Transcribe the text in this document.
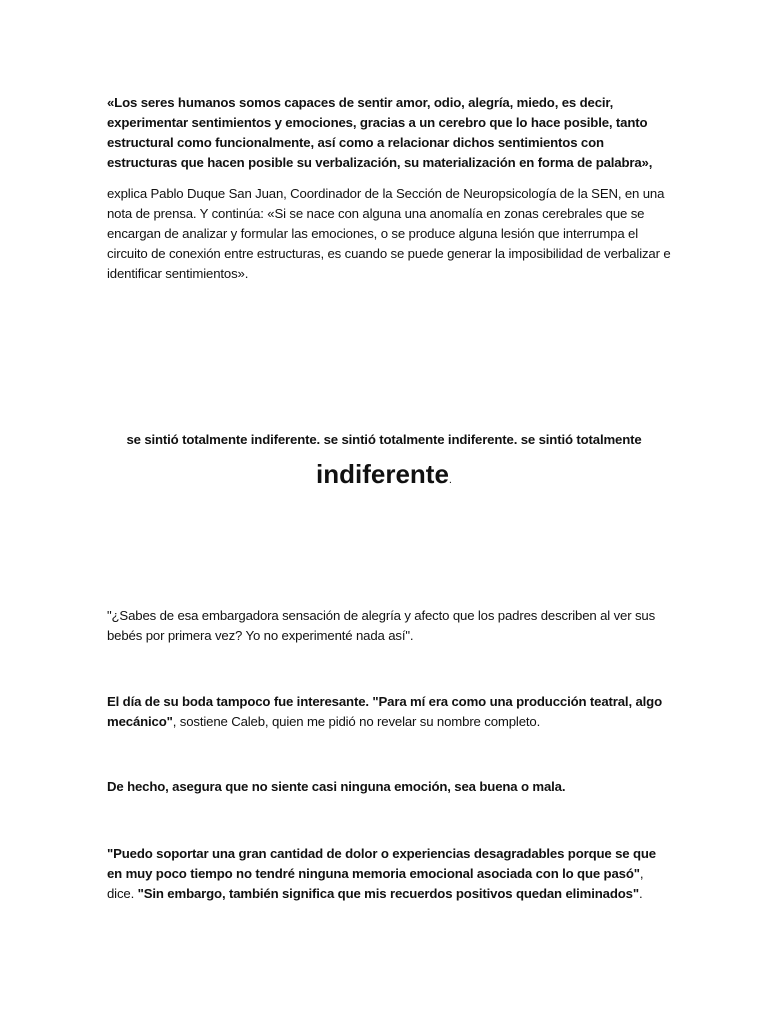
«Los seres humanos somos capaces de sentir amor, odio, alegría, miedo, es decir, experimentar sentimientos y emociones, gracias a un cerebro que lo hace posible, tanto estructural como funcionalmente, así como a relacionar dichos sentimientos con estructuras que hacen posible su verbalización, su materialización en forma de palabra»,

explica Pablo Duque San Juan, Coordinador de la Sección de Neuropsicología de la SEN, en una nota de prensa. Y continúa: «Si se nace con alguna una anomalía en zonas cerebrales que se encargan de analizar y formular las emociones, o se produce alguna lesión que interrumpa el circuito de conexión entre estructuras, es cuando se puede generar la imposibilidad de verbalizar e identificar sentimientos».

se sintió totalmente indiferente. se sintió totalmente indiferente. se sintió totalmente

indiferente.

"¿Sabes de esa embargadora sensación de alegría y afecto que los padres describen al ver sus bebés por primera vez? Yo no experimenté nada así".

El día de su boda tampoco fue interesante. "Para mí era como una producción teatral, algo mecánico", sostiene Caleb, quien me pidió no revelar su nombre completo.

De hecho, asegura que no siente casi ninguna emoción, sea buena o mala.

"Puedo soportar una gran cantidad de dolor o experiencias desagradables porque se que en muy poco tiempo no tendré ninguna memoria emocional asociada con lo que pasó", dice. "Sin embargo, también significa que mis recuerdos positivos quedan eliminados".
